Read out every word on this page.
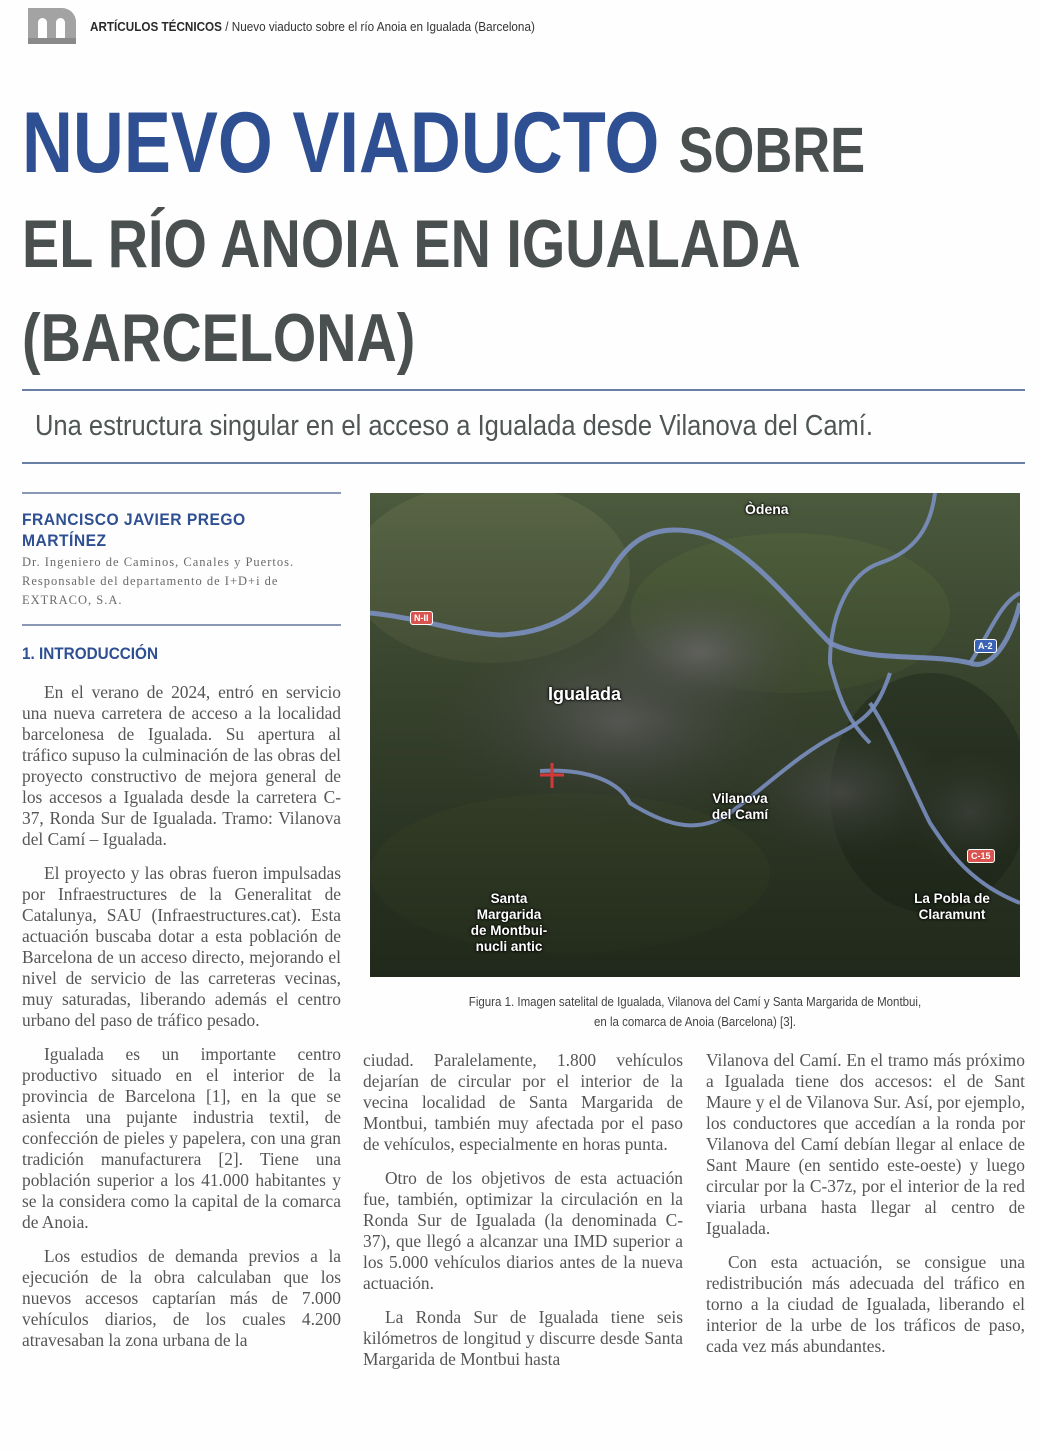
ARTÍCULOS TÉCNICOS / Nuevo viaducto sobre el río Anoia en Igualada (Barcelona)
NUEVO VIADUCTO SOBRE
EL RÍO ANOIA EN IGUALADA
(BARCELONA)
Una estructura singular en el acceso a Igualada desde Vilanova del Camí.
FRANCISCO JAVIER PREGO MARTÍNEZ
Dr. Ingeniero de Caminos, Canales y Puertos. Responsable del departamento de I+D+i de EXTRACO, S.A.
1. INTRODUCCIÓN

En el verano de 2024, entró en servicio una nueva carretera de acceso a la localidad barcelonesa de Igualada. Su apertura al tráfico supuso la culminación de las obras del proyecto constructivo de mejora general de los accesos a Igualada desde la carretera C-37, Ronda Sur de Igualada. Tramo: Vilanova del Camí – Igualada.

El proyecto y las obras fueron impulsadas por Infraestructures de la Generalitat de Catalunya, SAU (Infraestructures.cat). Esta actuación buscaba dotar a esta población de Barcelona de un acceso directo, mejorando el nivel de servicio de las carreteras vecinas, muy saturadas, liberando además el centro urbano del paso de tráfico pesado.

Igualada es un importante centro productivo situado en el interior de la provincia de Barcelona [1], en la que se asienta una pujante industria textil, de confección de pieles y papelera, con una gran tradición manufacturera [2]. Tiene una población superior a los 41.000 habitantes y se la considera como la capital de la comarca de Anoia.

Los estudios de demanda previos a la ejecución de la obra calculaban que los nuevos accesos captarían más de 7.000 vehículos diarios, de los cuales 4.200 atravesaban la zona urbana de la

Òdena
Igualada
Vilanova del Camí
Santa Margarida de Montbui-nucli antic
La Pobla de Claramunt
N-II
A-2
C-15
Figura 1. Imagen satelital de Igualada, Vilanova del Camí y Santa Margarida de Montbui,
en la comarca de Anoia (Barcelona) [3].

ciudad. Paralelamente, 1.800 vehículos dejarían de circular por el interior de la vecina localidad de Santa Margarida de Montbui, también muy afectada por el paso de vehículos, especialmente en horas punta.

Otro de los objetivos de esta actuación fue, también, optimizar la circulación en la Ronda Sur de Igualada (la denominada C-37), que llegó a alcanzar una IMD superior a los 5.000 vehículos diarios antes de la nueva actuación.

La Ronda Sur de Igualada tiene seis kilómetros de longitud y discurre desde Santa Margarida de Montbui hasta

Vilanova del Camí. En el tramo más próximo a Igualada tiene dos accesos: el de Sant Maure y el de Vilanova Sur. Así, por ejemplo, los conductores que accedían a la ronda por Vilanova del Camí debían llegar al enlace de Sant Maure (en sentido este-oeste) y luego circular por la C-37z, por el interior de la red viaria urbana hasta llegar al centro de Igualada.

Con esta actuación, se consigue una redistribución más adecuada del tráfico en torno a la ciudad de Igualada, liberando el interior de la urbe de los tráficos de paso, cada vez más abundantes.
